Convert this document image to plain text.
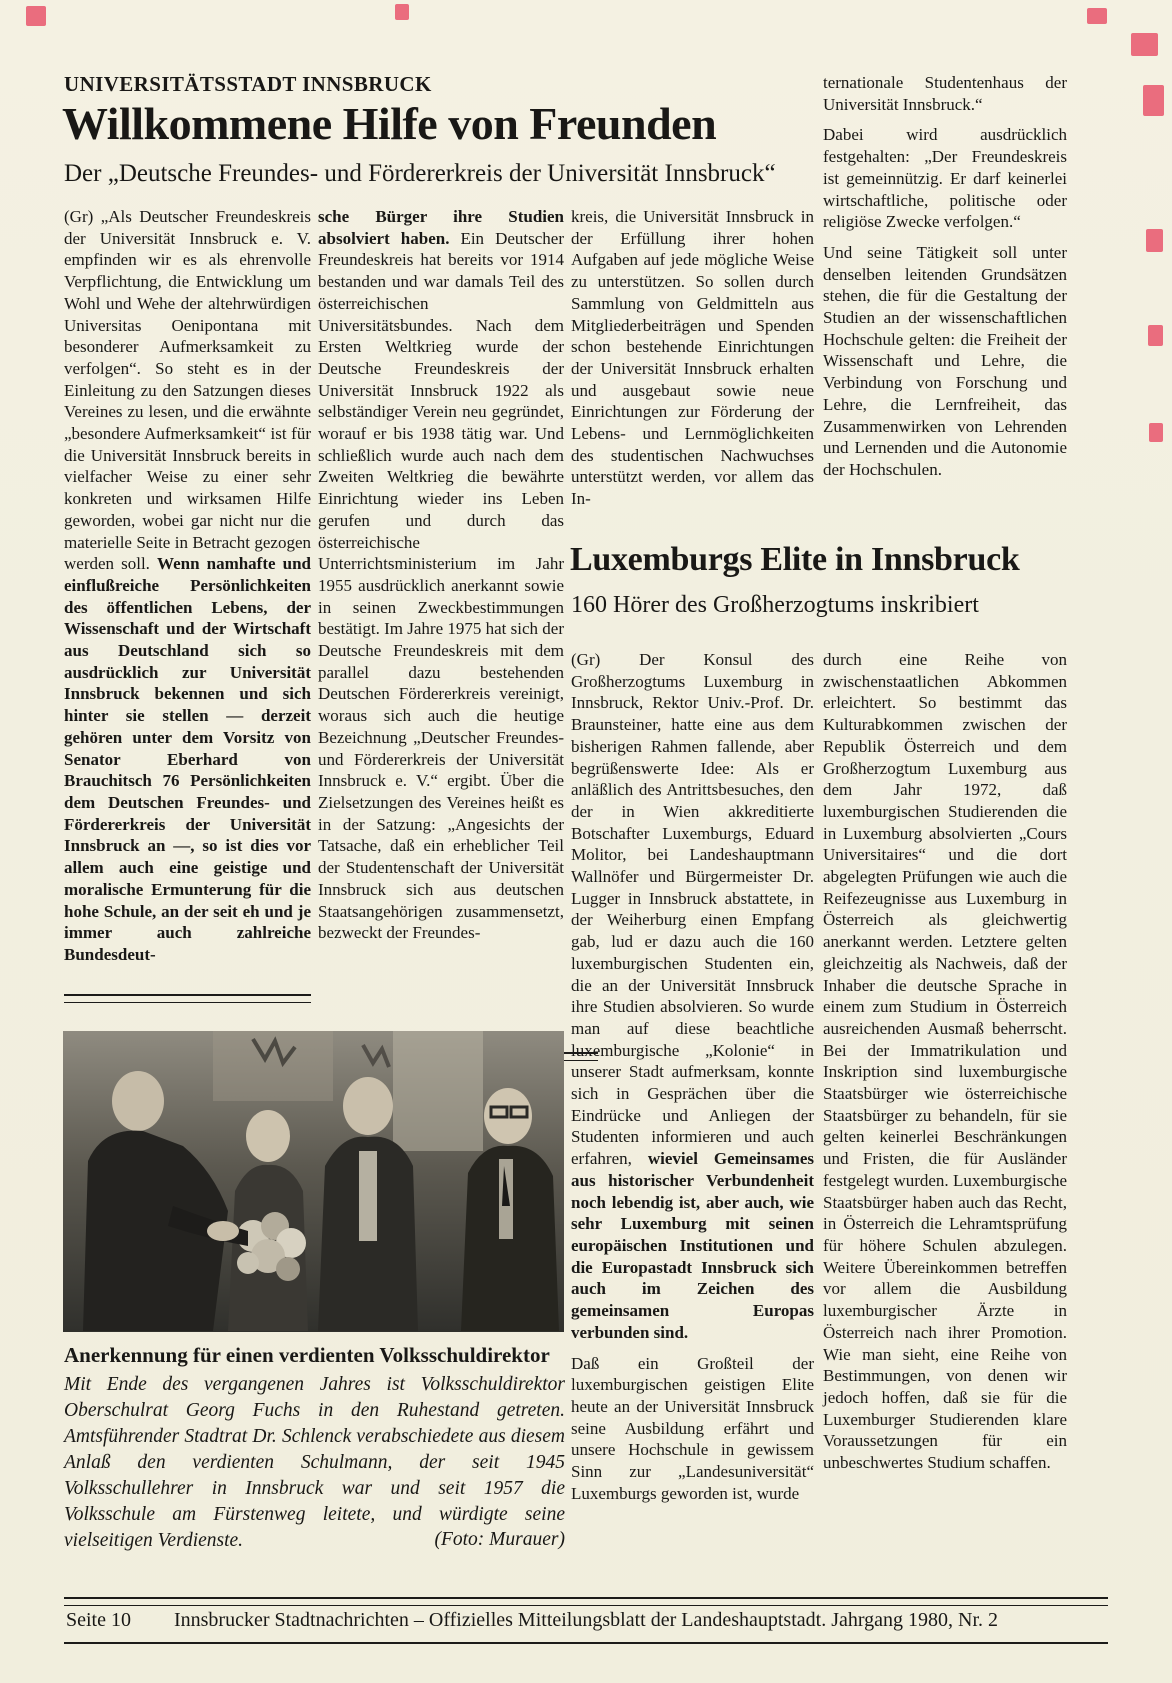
UNIVERSITÄTSSTADT INNSBRUCK
Willkommene Hilfe von Freunden
Der „Deutsche Freundes- und Fördererkreis der Universität Innsbruck“

(Gr) „Als Deutscher Freundeskreis der Universität Innsbruck e. V. empfinden wir es als ehrenvolle Verpflichtung, die Entwicklung um Wohl und Wehe der altehrwürdigen Universitas Oenipontana mit besonderer Aufmerksamkeit zu verfolgen“. So steht es in der Einleitung zu den Satzungen dieses Vereines zu lesen, und die erwähnte „besondere Aufmerksamkeit“ ist für die Universität Innsbruck bereits in vielfacher Weise zu einer sehr konkreten und wirksamen Hilfe geworden, wobei gar nicht nur die materielle Seite in Betracht gezogen werden soll. Wenn namhafte und einflußreiche Persönlichkeiten des öffentlichen Lebens, der Wissenschaft und der Wirtschaft aus Deutschland sich so ausdrücklich zur Universität Innsbruck bekennen und sich hinter sie stellen — derzeit gehören unter dem Vorsitz von Senator Eberhard von Brauchitsch 76 Persönlichkeiten dem Deutschen Freundes- und Fördererkreis der Universität Innsbruck an —, so ist dies vor allem auch eine geistige und moralische Ermunterung für die hohe Schule, an der seit eh und je immer auch zahlreiche Bundesdeut-

sche Bürger ihre Studien absolviert haben. Ein Deutscher Freundeskreis hat bereits vor 1914 bestanden und war damals Teil des österreichischen Universitätsbundes. Nach dem Ersten Weltkrieg wurde der Deutsche Freundeskreis der Universität Innsbruck 1922 als selbständiger Verein neu gegründet, worauf er bis 1938 tätig war. Und schließlich wurde auch nach dem Zweiten Weltkrieg die bewährte Einrichtung wieder ins Leben gerufen und durch das österreichische Unterrichtsministerium im Jahr 1955 ausdrücklich anerkannt sowie in seinen Zweckbestimmungen bestätigt. Im Jahre 1975 hat sich der Deutsche Freundeskreis mit dem parallel dazu bestehenden Deutschen Fördererkreis vereinigt, woraus sich auch die heutige Bezeichnung „Deutscher Freundes- und Fördererkreis der Universität Innsbruck e. V.“ ergibt. Über die Zielsetzungen des Vereines heißt es in der Satzung: „Angesichts der Tatsache, daß ein erheblicher Teil der Studentenschaft der Universität Innsbruck sich aus deutschen Staatsangehörigen zusammensetzt, bezweckt der Freundes-

kreis, die Universität Innsbruck in der Erfüllung ihrer hohen Aufgaben auf jede mögliche Weise zu unterstützen. So sollen durch Sammlung von Geldmitteln aus Mitgliederbeiträgen und Spenden schon bestehende Einrichtungen der Universität Innsbruck erhalten und ausgebaut sowie neue Einrichtungen zur Förderung der Lebens- und Lernmöglichkeiten des studentischen Nachwuchses unterstützt werden, vor allem das In-

ternationale Studentenhaus der Universität Innsbruck.“

Dabei wird ausdrücklich festgehalten: „Der Freundeskreis ist gemeinnützig. Er darf keinerlei wirtschaftliche, politische oder religiöse Zwecke verfolgen.“

Und seine Tätigkeit soll unter denselben leitenden Grundsätzen stehen, die für die Gestaltung der Studien an der wissenschaftlichen Hochschule gelten: die Freiheit der Wissenschaft und Lehre, die Verbindung von Forschung und Lehre, die Lernfreiheit, das Zusammenwirken von Lehrenden und Lernenden und die Autonomie der Hochschulen.

Luxemburgs Elite in Innsbruck
160 Hörer des Großherzogtums inskribiert

(Gr) Der Konsul des Großherzogtums Luxemburg in Innsbruck, Rektor Univ.-Prof. Dr. Braunsteiner, hatte eine aus dem bisherigen Rahmen fallende, aber begrüßenswerte Idee: Als er anläßlich des Antrittsbesuches, den der in Wien akkreditierte Botschafter Luxemburgs, Eduard Molitor, bei Landeshauptmann Wallnöfer und Bürgermeister Dr. Lugger in Innsbruck abstattete, in der Weiherburg einen Empfang gab, lud er dazu auch die 160 luxemburgischen Studenten ein, die an der Universität Innsbruck ihre Studien absolvieren. So wurde man auf diese beachtliche luxemburgische „Kolonie“ in unserer Stadt aufmerksam, konnte sich in Gesprächen über die Eindrücke und Anliegen der Studenten informieren und auch erfahren, wieviel Gemeinsames aus historischer Verbundenheit noch lebendig ist, aber auch, wie sehr Luxemburg mit seinen europäischen Institutionen und die Europastadt Innsbruck sich auch im Zeichen des gemeinsamen Europas verbunden sind.

Daß ein Großteil der luxemburgischen geistigen Elite heute an der Universität Innsbruck seine Ausbildung erfährt und unsere Hochschule in gewissem Sinn zur „Landesuniversität“ Luxemburgs geworden ist, wurde

durch eine Reihe von zwischenstaatlichen Abkommen erleichtert. So bestimmt das Kulturabkommen zwischen der Republik Österreich und dem Großherzogtum Luxemburg aus dem Jahr 1972, daß luxemburgischen Studierenden die in Luxemburg absolvierten „Cours Universitaires“ und die dort abgelegten Prüfungen wie auch die Reifezeugnisse aus Luxemburg in Österreich als gleichwertig anerkannt werden. Letztere gelten gleichzeitig als Nachweis, daß der Inhaber die deutsche Sprache in einem zum Studium in Österreich ausreichenden Ausmaß beherrscht. Bei der Immatrikulation und Inskription sind luxemburgische Staatsbürger wie österreichische Staatsbürger zu behandeln, für sie gelten keinerlei Beschränkungen und Fristen, die für Ausländer festgelegt wurden. Luxemburgische Staatsbürger haben auch das Recht, in Österreich die Lehramtsprüfung für höhere Schulen abzulegen. Weitere Übereinkommen betreffen vor allem die Ausbildung luxemburgischer Ärzte in Österreich nach ihrer Promotion. Wie man sieht, eine Reihe von Bestimmungen, von denen wir jedoch hoffen, daß sie für die Luxemburger Studierenden klare Voraussetzungen für ein unbeschwertes Studium schaffen.

Anerkennung für einen verdienten Volksschuldirektor
Mit Ende des vergangenen Jahres ist Volksschuldirektor Oberschulrat Georg Fuchs in den Ruhestand getreten. Amtsführender Stadtrat Dr. Schlenck verabschiedete aus diesem Anlaß den verdienten Schulmann, der seit 1945 Volksschullehrer in Innsbruck war und seit 1957 die Volksschule am Fürstenweg leitete, und würdigte seine vielseitigen Verdienste.	(Foto: Murauer)
Seite 10	Innsbrucker Stadtnachrichten – Offizielles Mitteilungsblatt der Landeshauptstadt. Jahrgang 1980, Nr. 2
